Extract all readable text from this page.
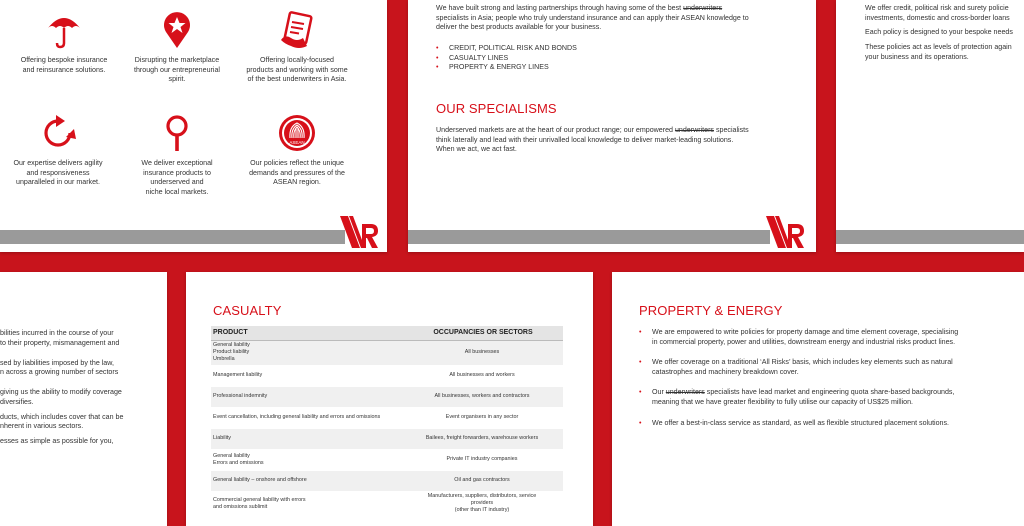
Offering bespoke insurance
and reinsurance solutions.
Disrupting the marketplace
through our entrepreneurial
spirit.
Offering locally-focused
products and working with some
of the best underwriters in Asia.
Our expertise delivers agility
and responsiveness
unparalleled in our market.
We deliver exceptional
insurance products to
underserved and
niche local markets.
ASEAN
Our policies reflect the unique
demands and pressures of the
ASEAN region.
We have built strong and lasting partnerships through having some of the best underwriters
specialists in Asia; people who truly understand insurance and can apply their ASEAN knowledge to
deliver the best products available for your business.
• CREDIT, POLITICAL RISK AND BONDS
• CASUALTY LINES
• PROPERTY & ENERGY LINES
OUR SPECIALISMS
Underserved markets are at the heart of our product range; our empowered underwriters specialists
think laterally and lead with their unrivalled local knowledge to deliver market-leading solutions.
When we act, we act fast.
We offer credit, political risk and surety policie
investments, domestic and cross-border loans
Each policy is designed to your bespoke needs
These policies act as levels of protection again
your business and its operations.
bilities incurred in the course of your
to their property, mismanagement and
sed by liabilities imposed by the law,
n across a growing number of sectors
giving us the ability to modify coverage
diversifies.
ducts, which includes cover that can be
nherent in various sectors.
esses as simple as possible for you,
CASUALTY
PRODUCT	OCCUPANCIES OR SECTORS
General liability
Product liability
Umbrella	All businesses
Management liability	All businesses and workers
Professional indemnity	All businesses, workers and contractors
Event cancellation, including general liability and errors and omissions	Event organisers in any sector
Liability	Bailees, freight forwarders, warehouse workers
General liability
Errors and omissions	Private IT industry companies
General liability – onshore and offshore	Oil and gas contractors
Commercial general liability with errors
and omissions sublimit	Manufacturers, suppliers, distributors, service
providers
(other than IT industry)
PROPERTY & ENERGY
• We are empowered to write policies for property damage and time element coverage, specialising
in commercial property, power and utilities, downstream energy and industrial risks product lines.
• We offer coverage on a traditional ‘All Risks’ basis, which includes key elements such as natural
catastrophes and machinery breakdown cover.
• Our underwriters specialists have lead market and engineering quota share-based backgrounds,
meaning that we have greater flexibility to fully utilise our capacity of US$25 million.
• We offer a best-in-class service as standard, as well as flexible structured placement solutions.
